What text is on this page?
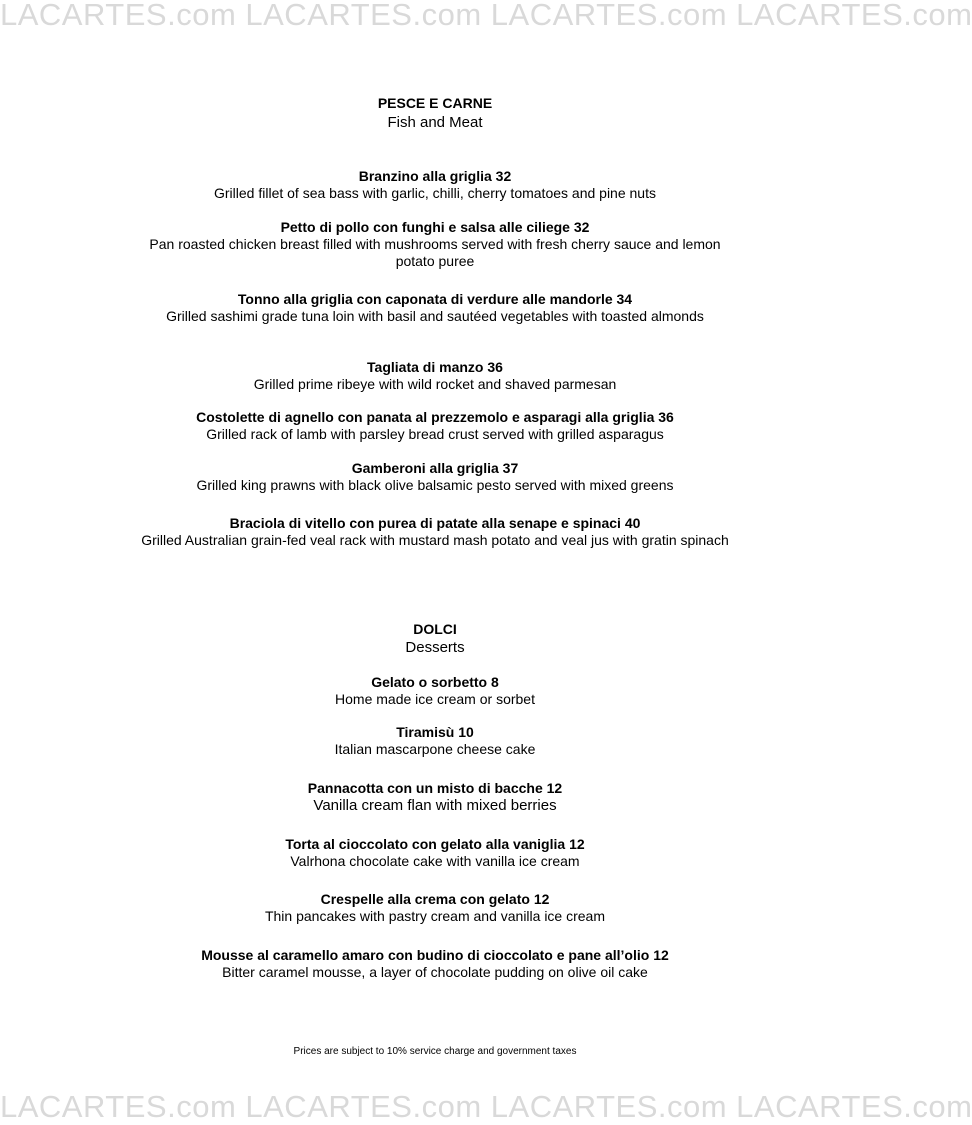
LACARTES.com LACARTES.com LACARTES.com LACARTES.com
PESCE E CARNE
Fish and Meat
Branzino alla griglia 32
Grilled fillet of sea bass with garlic, chilli, cherry tomatoes and pine nuts
Petto di pollo con funghi e salsa alle ciliege 32
Pan roasted chicken breast filled with mushrooms served with fresh cherry sauce and lemon potato puree
Tonno alla griglia con caponata di verdure alle mandorle 34
Grilled sashimi grade tuna loin with basil and sautéed vegetables with toasted almonds
Tagliata di manzo 36
Grilled prime ribeye with wild rocket and shaved parmesan
Costolette di agnello con panata al prezzemolo e asparagi alla griglia 36
Grilled rack of lamb with parsley bread crust served with grilled asparagus
Gamberoni alla griglia 37
Grilled king prawns with black olive balsamic pesto served with mixed greens
Braciola di vitello con purea di patate alla senape e spinaci 40
Grilled Australian grain-fed veal rack with mustard mash potato and veal jus with gratin spinach
DOLCI
Desserts
Gelato o sorbetto 8
Home made ice cream or sorbet
Tiramisù 10
Italian mascarpone cheese cake
Pannacotta con un misto di bacche 12
Vanilla cream flan with mixed berries
Torta al cioccolato con gelato alla vaniglia 12
Valrhona chocolate cake with vanilla ice cream
Crespelle alla crema con gelato 12
Thin pancakes with pastry cream and vanilla ice cream
Mousse al caramello amaro con budino di cioccolato e pane all’olio 12
Bitter caramel mousse, a layer of chocolate pudding on olive oil cake
Prices are subject to 10% service charge and government taxes
LACARTES.com LACARTES.com LACARTES.com LACARTES.com
